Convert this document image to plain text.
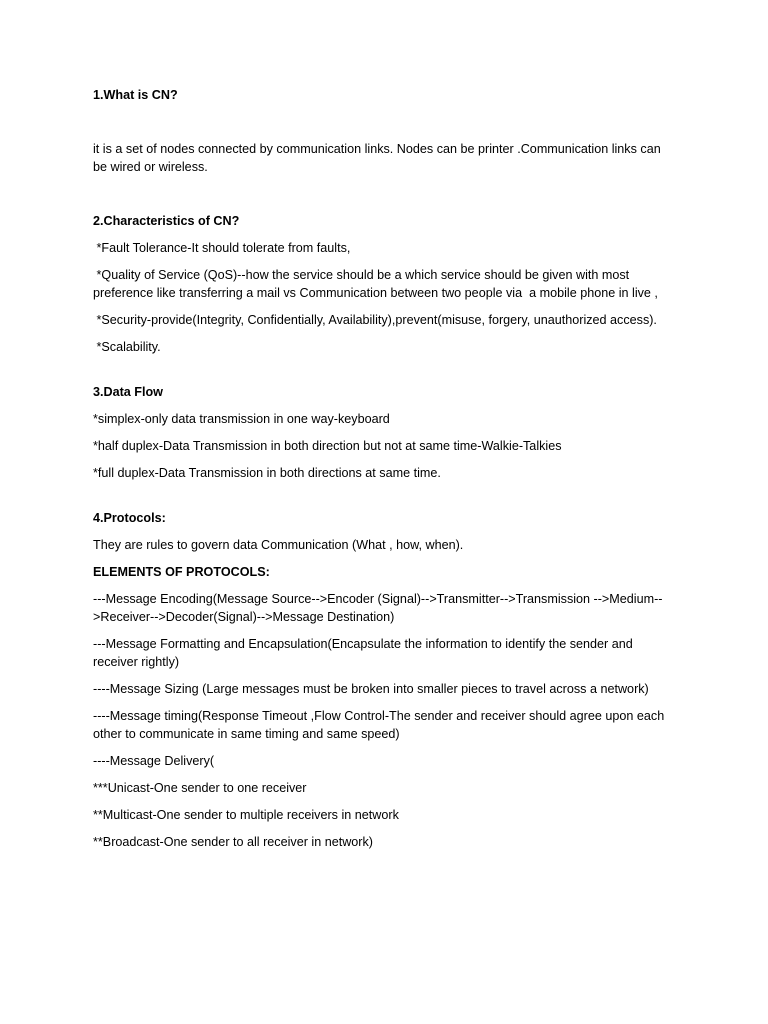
1.What is CN?
it is a set of nodes connected by communication links. Nodes can be printer .Communication links can be wired or wireless.
2.Characteristics of CN?
*Fault Tolerance-It should tolerate from faults,
*Quality of Service (QoS)--how the service should be a which service should be given with most preference like transferring a mail vs Communication between two people via  a mobile phone in live ,
*Security-provide(Integrity, Confidentially, Availability),prevent(misuse, forgery, unauthorized access).
*Scalability.
3.Data Flow
*simplex-only data transmission in one way-keyboard
*half duplex-Data Transmission in both direction but not at same time-Walkie-Talkies
*full duplex-Data Transmission in both directions at same time.
4.Protocols:
They are rules to govern data Communication (What , how, when).
ELEMENTS OF PROTOCOLS:
---Message Encoding(Message Source-->Encoder (Signal)-->Transmitter-->Transmission -->Medium-->Receiver-->Decoder(Signal)-->Message Destination)
---Message Formatting and Encapsulation(Encapsulate the information to identify the sender and receiver rightly)
----Message Sizing (Large messages must be broken into smaller pieces to travel across a network)
----Message timing(Response Timeout ,Flow Control-The sender and receiver should agree upon each other to communicate in same timing and same speed)
----Message Delivery(
***Unicast-One sender to one receiver
**Multicast-One sender to multiple receivers in network
**Broadcast-One sender to all receiver in network)
